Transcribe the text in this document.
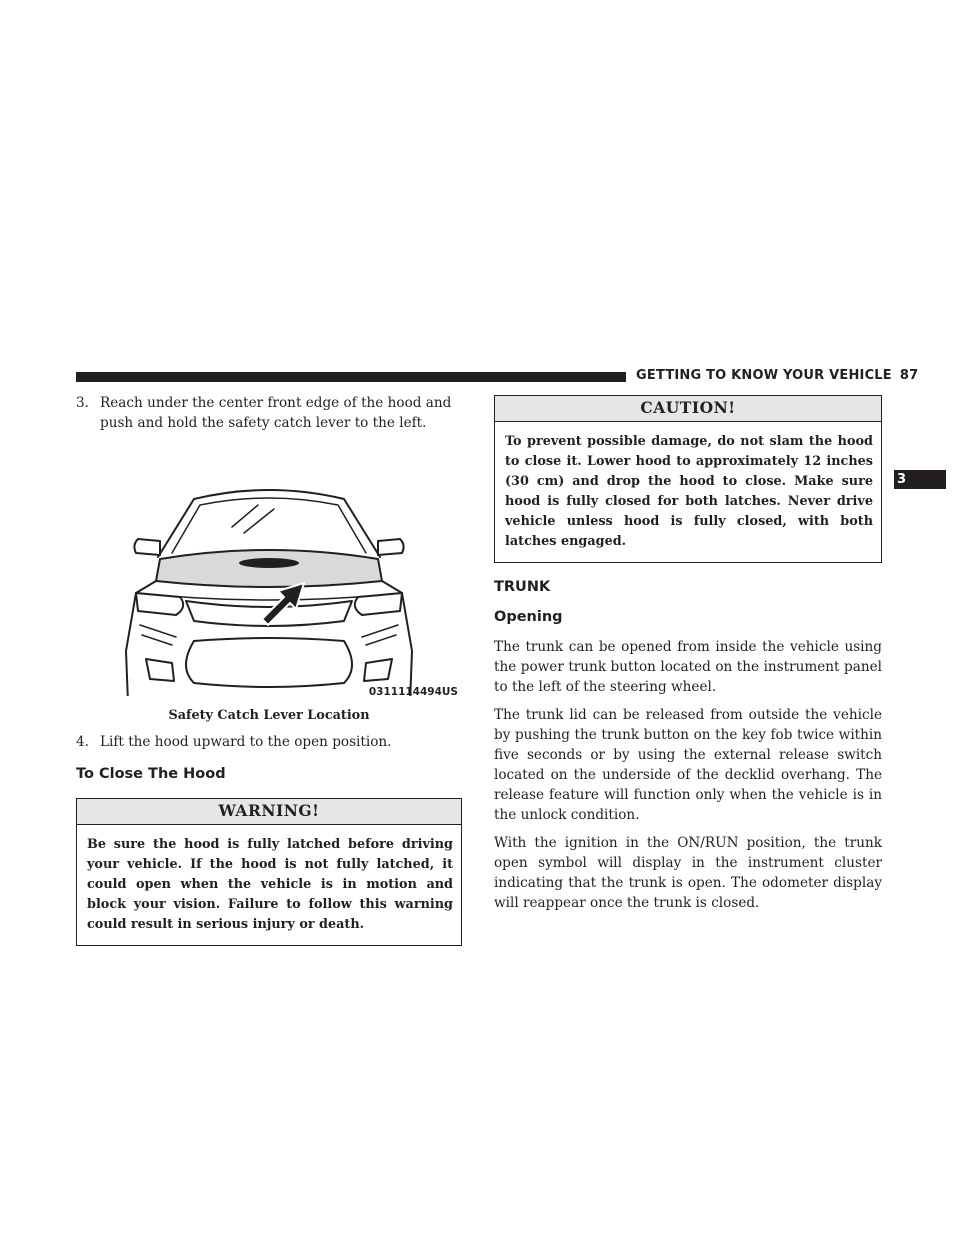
GETTING TO KNOW YOUR VEHICLE 87
3

3. Reach under the center front edge of the hood and push and hold the safety catch lever to the left.

0311114494US
Safety Catch Lever Location

4. Lift the hood upward to the open position.

To Close The Hood
WARNING!
Be sure the hood is fully latched before driving your vehicle. If the hood is not fully latched, it could open when the vehicle is in motion and block your vision. Failure to follow this warning could result in serious injury or death.
CAUTION!
To prevent possible damage, do not slam the hood to close it. Lower hood to approximately 12 inches (30 cm) and drop the hood to close. Make sure hood is fully closed for both latches. Never drive vehicle unless hood is fully closed, with both latches engaged.
TRUNK
Opening

The trunk can be opened from inside the vehicle using the power trunk button located on the instrument panel to the left of the steering wheel.

The trunk lid can be released from outside the vehicle by pushing the trunk button on the key fob twice within five seconds or by using the external release switch located on the underside of the decklid overhang. The release feature will function only when the vehicle is in the unlock condition.

With the ignition in the ON/RUN position, the trunk open symbol will display in the instrument cluster indicating that the trunk is open. The odometer display will reappear once the trunk is closed.
